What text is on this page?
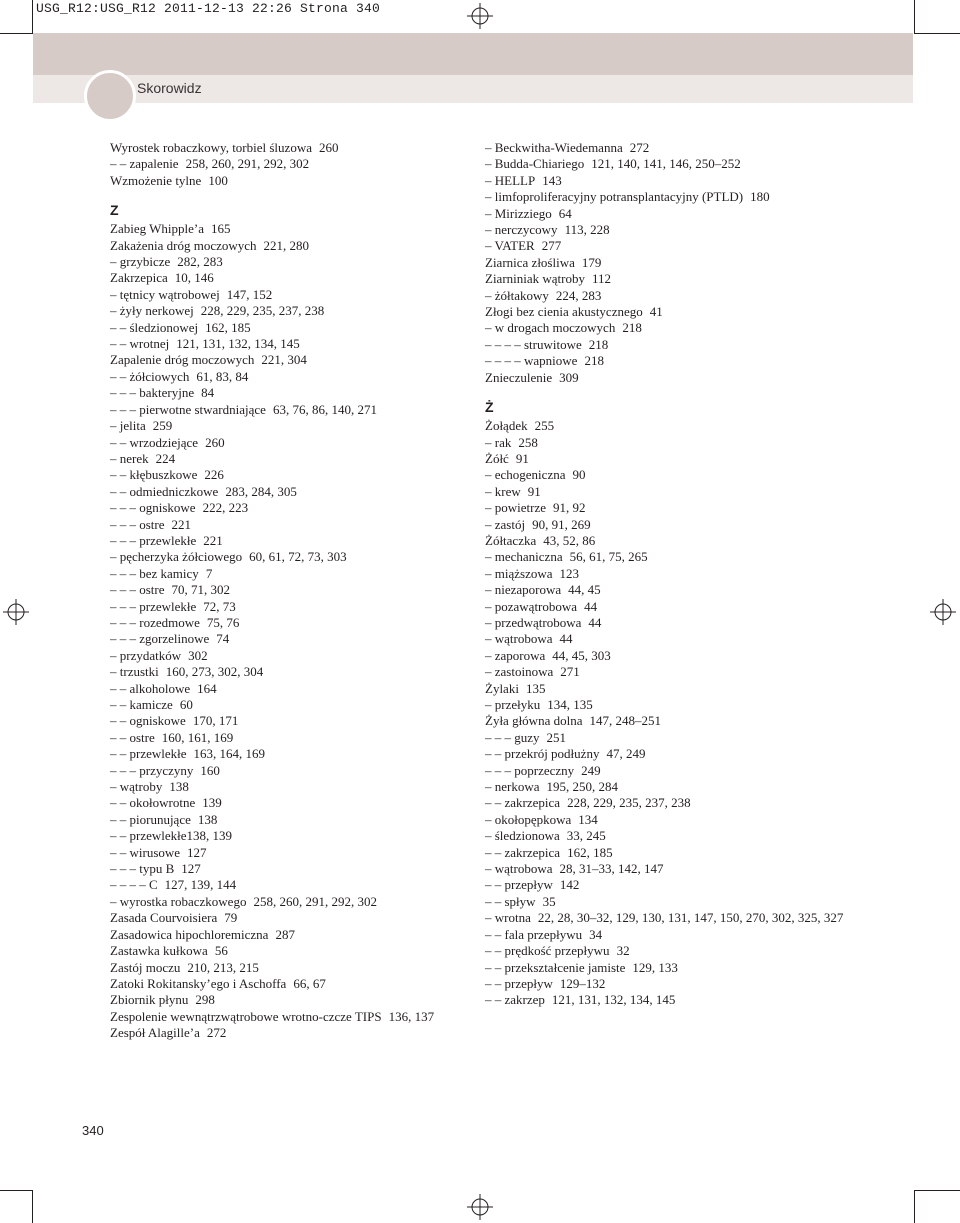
USG_R12:USG_R12 2011-12-13 22:26 Strona 340
Skorowidz
Wyrostek robaczkowy, torbiel śluzowa 260
– – zapalenie 258, 260, 291, 292, 302
Wzmożenie tylne 100
Z
Zabieg Whipple’a 165
Zakażenia dróg moczowych 221, 280
– grzybicze 282, 283
Zakrzepica 10, 146
– tętnicy wątrobowej 147, 152
– żyły nerkowej 228, 229, 235, 237, 238
– – śledzionowej 162, 185
– – wrotnej 121, 131, 132, 134, 145
Zapalenie dróg moczowych 221, 304
– – żółciowych 61, 83, 84
– – – bakteryjne 84
– – – pierwotne stwardniające 63, 76, 86, 140, 271
– jelita 259
– – wrzodziejące 260
– nerek 224
– – kłębuszkowe 226
– – odmiedniczkowe 283, 284, 305
– – – ogniskowe 222, 223
– – – ostre 221
– – – przewlekłe 221
– pęcherzyka żółciowego 60, 61, 72, 73, 303
– – – bez kamicy 7
– – – ostre 70, 71, 302
– – – przewlekłe 72, 73
– – – rozedmowe 75, 76
– – – zgorzelinowe 74
– przydatków 302
– trzustki 160, 273, 302, 304
– – alkoholowe 164
– – kamicze 60
– – ogniskowe 170, 171
– – ostre 160, 161, 169
– – przewlekłe 163, 164, 169
– – – przyczyny 160
– wątroby 138
– – okołowrotne 139
– – piorunujące 138
– – przewlekłe138, 139
– – wirusowe 127
– – – typu B 127
– – – – C 127, 139, 144
– wyrostka robaczkowego 258, 260, 291, 292, 302
Zasada Courvoisiera 79
Zasadowica hipochloremiczna 287
Zastawka kułkowa 56
Zastój moczu 210, 213, 215
Zatoki Rokitansky’ego i Aschoffa 66, 67
Zbiornik płynu 298
Zespolenie wewnątrzwątrobowe wrotno-czcze TIPS 136, 137
Zespół Alagille’a 272
– Beckwitha-Wiedemanna 272
– Budda-Chiariego 121, 140, 141, 146, 250–252
– HELLP 143
– limfoproliferacyjny potransplantacyjny (PTLD) 180
– Mirizziego 64
– nerczycowy 113, 228
– VATER 277
Ziarnica złośliwa 179
Ziarniniak wątroby 112
– żółtakowy 224, 283
Złogi bez cienia akustycznego 41
– w drogach moczowych 218
– – – – struwitowe 218
– – – – wapniowe 218
Znieczulenie 309
Ż
Żołądek 255
– rak 258
Żółć 91
– echogeniczna 90
– krew 91
– powietrze 91, 92
– zastój 90, 91, 269
Żółtaczka 43, 52, 86
– mechaniczna 56, 61, 75, 265
– miąższowa 123
– niezaporowa 44, 45
– pozawątrobowa 44
– przedwątrobowa 44
– wątrobowa 44
– zaporowa 44, 45, 303
– zastoinowa 271
Żylaki 135
– przełyku 134, 135
Żyła główna dolna 147, 248–251
– – – guzy 251
– – przekrój podłużny 47, 249
– – – poprzeczny 249
– nerkowa 195, 250, 284
– – zakrzepica 228, 229, 235, 237, 238
– okołopępkowa 134
– śledzionowa 33, 245
– – zakrzepica 162, 185
– wątrobowa 28, 31–33, 142, 147
– – przepływ 142
– – spływ 35
– wrotna 22, 28, 30–32, 129, 130, 131, 147, 150, 270, 302, 325, 327
– – fala przepływu 34
– – prędkość przepływu 32
– – przekształcenie jamiste 129, 133
– – przepływ 129–132
– – zakrzep 121, 131, 132, 134, 145
340
